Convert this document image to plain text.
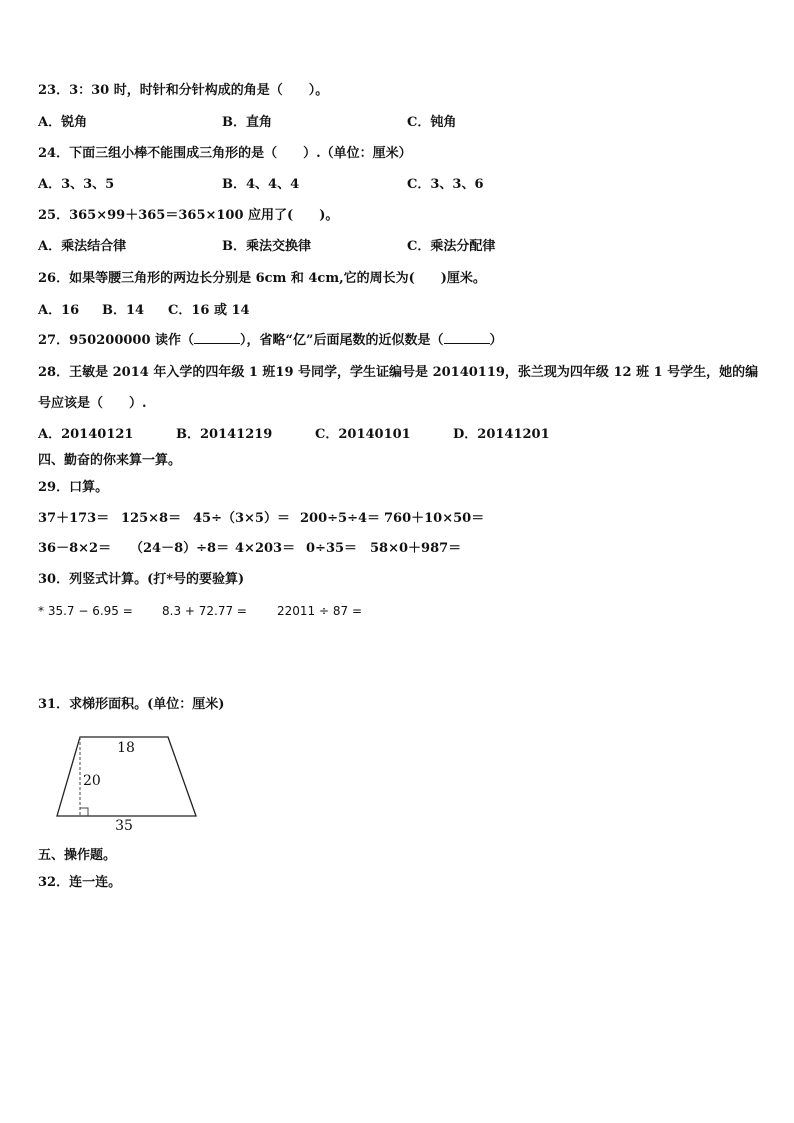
23．3：30 时，时针和分针构成的角是（　　）。
A．锐角	B．直角	C．钝角
24．下面三组小棒不能围成三角形的是（　　）.（单位：厘米）
A．3、3、5	B．4、4、4	C．3、3、6
25．365×99＋365＝365×100 应用了(　　)。
A．乘法结合律	B．乘法交换律	C．乘法分配律
26．如果等腰三角形的两边长分别是 6cm 和 4cm,它的周长为(　　)厘米。
A．16 B．14 C．16 或 14
27．950200000 读作（	），省略“亿”后面尾数的近似数是（	）
28．王敏是 2014 年入学的四年级 1 班19 号同学，学生证编号是 20140119，张兰现为四年级 12 班 1 号学生，她的编
号应该是（　　）.
A．20140121	B．20141219	C．20140101	D．20141201
四、勤奋的你来算一算。
29．口算。
37＋173＝ 125×8＝ 45÷（3×5）＝ 200÷5÷4＝ 760＋10×50＝
36－8×2＝ （24－8）÷8＝ 4×203＝ 0÷35＝ 58×0＋987＝
30．列竖式计算。(打*号的要验算)
* 35.7 − 6.95 = 8.3 + 72.77 =	22011 ÷ 87 =
31．求梯形面积。(单位：厘米)
18
20
35
五、操作题。
32．连一连。
